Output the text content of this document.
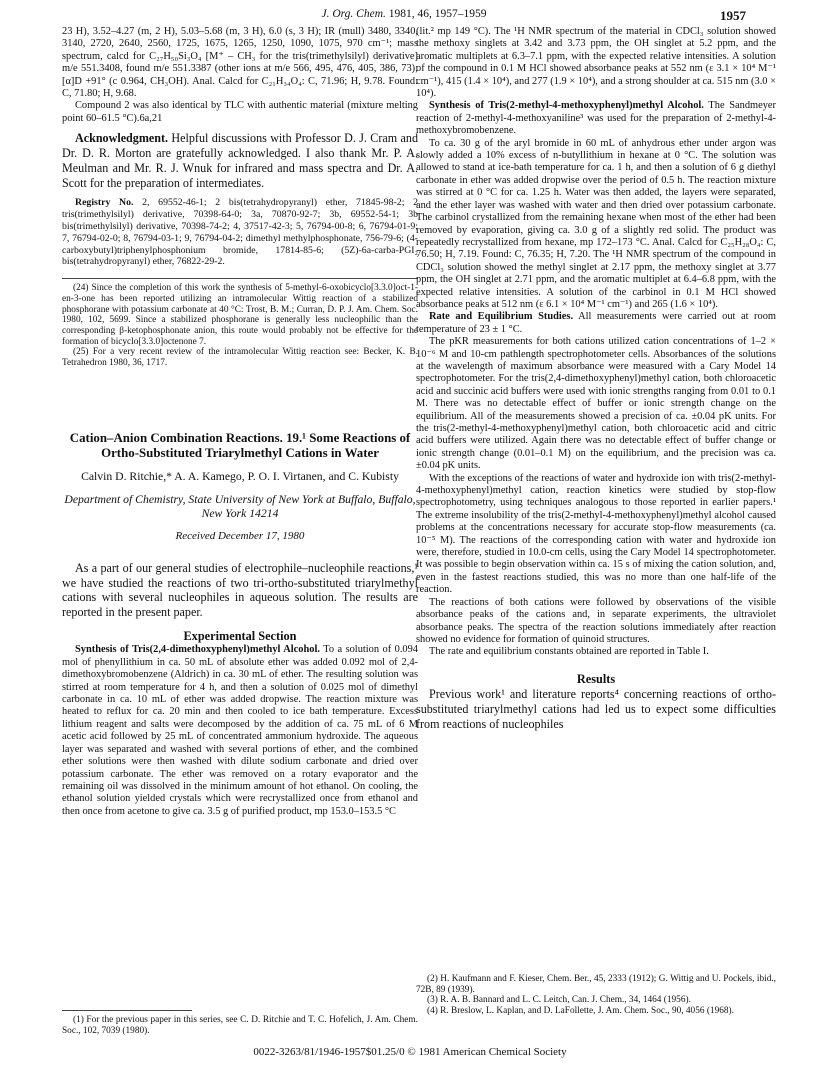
J. Org. Chem. 1981, 46, 1957–1959	1957

23 H), 3.52–4.27 (m, 2 H), 5.03–5.68 (m, 3 H), 6.0 (s, 3 H); IR (mull) 3480, 3340, 3140, 2720, 2640, 2560, 1725, 1675, 1265, 1250, 1090, 1075, 970 cm⁻¹; mass spectrum, calcd for C₂₇H₅₀Si₃O₄ [M⁺ – CH₃ for the tris(trimethylsilyl) derivative] m/e 551.3408, found m/e 551.3387 (other ions at m/e 566, 495, 476, 405, 386, 73); [α]D +91° (c 0.964, CH₃OH). Anal. Calcd for C₂₁H₃₄O₄: C, 71.96; H, 9.78. Found: C, 71.80; H, 9.68.

Compound 2 was also identical by TLC with authentic material (mixture melting point 60–61.5 °C).6a,21

Acknowledgment. Helpful discussions with Professor D. J. Cram and Dr. D. R. Morton are gratefully acknowledged. I also thank Mr. P. A. Meulman and Mr. R. J. Wnuk for infrared and mass spectra and Dr. A. Scott for the preparation of intermediates.

Registry No. 2, 69552-46-1; 2 bis(tetrahydropyranyl) ether, 71845-98-2; 2 tris(trimethylsilyl) derivative, 70398-64-0; 3a, 70870-92-7; 3b, 69552-54-1; 3b bis(trimethylsilyl) derivative, 70398-74-2; 4, 37517-42-3; 5, 76794-00-8; 6, 76794-01-9; 7, 76794-02-0; 8, 76794-03-1; 9, 76794-04-2; dimethyl methylphosphonate, 756-79-6; (4-carboxybutyl)triphenylphosphonium bromide, 17814-85-6; (5Z)-6a-carba-PGI₂ bis(tetrahydropyranyl) ether, 76822-29-2.

(24) Since the completion of this work the synthesis of 5-methyl-6-oxobicyclo[3.3.0]oct-1-en-3-one has been reported utilizing an intramolecular Wittig reaction of a stabilized phosphorane with potassium carbonate at 40 °C: Trost, B. M.; Curran, D. P. J. Am. Chem. Soc. 1980, 102, 5699. Since a stabilized phosphorane is generally less nucleophilic than the corresponding β-ketophosphonate anion, this route would probably not be effective for the formation of bicyclo[3.3.0]octenone 7.

(25) For a very recent review of the intramolecular Wittig reaction see: Becker, K. B. Tetrahedron 1980, 36, 1717.

Cation–Anion Combination Reactions. 19.¹ Some Reactions of Ortho-Substituted Triarylmethyl Cations in Water
Calvin D. Ritchie,* A. A. Kamego, P. O. I. Virtanen, and C. Kubisty
Department of Chemistry, State University of New York at Buffalo, Buffalo, New York 14214
Received December 17, 1980

As a part of our general studies of electrophile–nucleophile reactions,¹ we have studied the reactions of two tri-ortho-substituted triarylmethyl cations with several nucleophiles in aqueous solution. The results are reported in the present paper.

Experimental Section

Synthesis of Tris(2,4-dimethoxyphenyl)methyl Alcohol. To a solution of 0.094 mol of phenyllithium in ca. 50 mL of absolute ether was added 0.092 mol of 2,4-dimethoxybromobenzene (Aldrich) in ca. 30 mL of ether. The resulting solution was stirred at room temperature for 4 h, and then a solution of 0.025 mol of dimethyl carbonate in ca. 10 mL of ether was added dropwise. The reaction mixture was heated to reflux for ca. 20 min and then cooled to ice bath temperature. Excess lithium reagent and salts were decomposed by the addition of ca. 75 mL of 6 M acetic acid followed by 25 mL of concentrated ammonium hydroxide. The aqueous layer was separated and washed with several portions of ether, and the combined ether solutions were then washed with dilute sodium carbonate and dried over potassium carbonate. The ether was removed on a rotary evaporator and the remaining oil was dissolved in the minimum amount of hot ethanol. On cooling, the ethanol solution yielded crystals which were recrystallized once from ethanol and then once from acetone to give ca. 3.5 g of purified product, mp 153.0–153.5 °C

(1) For the previous paper in this series, see C. D. Ritchie and T. C. Hofelich, J. Am. Chem. Soc., 102, 7039 (1980).

(lit.² mp 149 °C). The ¹H NMR spectrum of the material in CDCl₃ solution showed the methoxy singlets at 3.42 and 3.73 ppm, the OH singlet at 5.2 ppm, and the aromatic multiplets at 6.3–7.1 ppm, with the expected relative intensities. A solution of the compound in 0.1 M HCl showed absorbance peaks at 552 nm (ε 3.1 × 10⁴ M⁻¹ cm⁻¹), 415 (1.4 × 10⁴), and 277 (1.9 × 10⁴), and a strong shoulder at ca. 515 nm (3.0 × 10⁴).

Synthesis of Tris(2-methyl-4-methoxyphenyl)methyl Alcohol. The Sandmeyer reaction of 2-methyl-4-methoxyaniline³ was used for the preparation of 2-methyl-4-methoxybromobenzene.

To ca. 30 g of the aryl bromide in 60 mL of anhydrous ether under argon was slowly added a 10% excess of n-butyllithium in hexane at 0 °C. The solution was allowed to stand at ice-bath temperature for ca. 1 h, and then a solution of 6 g diethyl carbonate in ether was added dropwise over the period of 0.5 h. The reaction mixture was stirred at 0 °C for ca. 1.25 h. Water was then added, the layers were separated, and the ether layer was washed with water and then dried over potassium carbonate. The carbinol crystallized from the remaining hexane when most of the ether had been removed by evaporation, giving ca. 3.0 g of a slightly red solid. The product was repeatedly recrystallized from hexane, mp 172–173 °C. Anal. Calcd for C₂₅H₂₈O₄: C, 76.50; H, 7.19. Found: C, 76.35; H, 7.20. The ¹H NMR spectrum of the compound in CDCl₃ solution showed the methyl singlet at 2.17 ppm, the methoxy singlet at 3.77 ppm, the OH singlet at 2.71 ppm, and the aromatic multiplet at 6.4–6.8 ppm, with the expected relative intensities. A solution of the carbinol in 0.1 M HCl showed absorbance peaks at 512 nm (ε 6.1 × 10⁴ M⁻¹ cm⁻¹) and 265 (1.6 × 10⁴).

Rate and Equilibrium Studies. All measurements were carried out at room temperature of 23 ± 1 °C.

The pKR measurements for both cations utilized cation concentrations of 1–2 × 10⁻⁶ M and 10-cm pathlength spectrophotometer cells. Absorbances of the solutions at the wavelength of maximum absorbance were measured with a Cary Model 14 spectrophotometer. For the tris(2,4-dimethoxyphenyl)methyl cation, both chloroacetic acid and succinic acid buffers were used with ionic strengths ranging from 0.01 to 0.1 M. There was no detectable effect of buffer or ionic strength change on the equilibrium. All of the measurements showed a precision of ca. ±0.04 pK units. For the tris(2-methyl-4-methoxyphenyl)methyl cation, both chloroacetic acid and citric acid buffers were utilized. Again there was no detectable effect of buffer change or ionic strength change (0.01–0.1 M) on the equilibrium, and the precision was ca. ±0.04 pK units.

With the exceptions of the reactions of water and hydroxide ion with tris(2-methyl-4-methoxyphenyl)methyl cation, reaction kinetics were studied by stop-flow spectrophotometry, using techniques analogous to those reported in earlier papers.¹ The extreme insolubility of the tris(2-methyl-4-methoxyphenyl)methyl alcohol caused problems at the concentrations necessary for accurate stop-flow measurements (ca. 10⁻⁵ M). The reactions of the corresponding cation with water and hydroxide ion were, therefore, studied in 10.0-cm cells, using the Cary Model 14 spectrophotometer. It was possible to begin observation within ca. 15 s of mixing the cation solution, and, even in the fastest reactions studied, this was no more than one half-life of the reaction.

The reactions of both cations were followed by observations of the visible absorbance peaks of the cations and, in separate experiments, the ultraviolet absorbance peaks. The spectra of the reaction solutions immediately after reaction showed no evidence for formation of quinoid structures.

The rate and equilibrium constants obtained are reported in Table I.

Results

Previous work¹ and literature reports⁴ concerning reactions of ortho-substituted triarylmethyl cations had led us to expect some difficulties from reactions of nucleophiles

(2) H. Kaufmann and F. Kieser, Chem. Ber., 45, 2333 (1912); G. Wittig and U. Pockels, ibid., 72B, 89 (1939).

(3) R. A. B. Bannard and L. C. Leitch, Can. J. Chem., 34, 1464 (1956).

(4) R. Breslow, L. Kaplan, and D. LaFollette, J. Am. Chem. Soc., 90, 4056 (1968).

0022-3263/81/1946-1957$01.25/0 © 1981 American Chemical Society
